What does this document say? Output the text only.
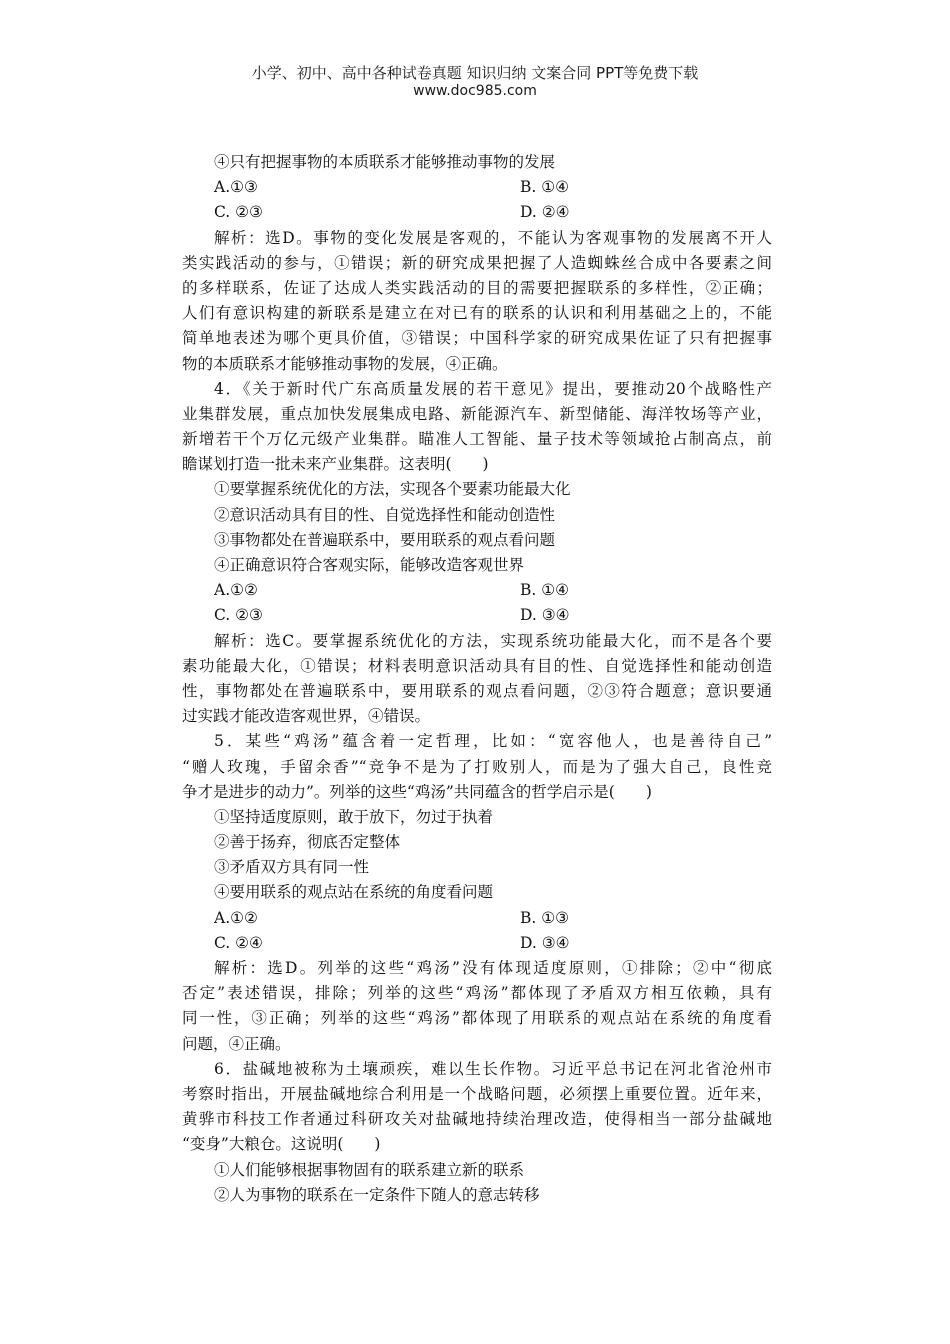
小学、初中、高中各种试卷真题 知识归纳 文案合同 PPT等免费下载
www.doc985.com
④只有把握事物的本质联系才能够推动事物的发展
A.①③	B. ①④
C. ②③	D. ②④
解析：选D。事物的变化发展是客观的，不能认为客观事物的发展离不开人
类实践活动的参与，①错误；新的研究成果把握了人造蜘蛛丝合成中各要素之间
的多样联系，佐证了达成人类实践活动的目的需要把握联系的多样性，②正确；
人们有意识构建的新联系是建立在对已有的联系的认识和利用基础之上的，不能
简单地表述为哪个更具价值，③错误；中国科学家的研究成果佐证了只有把握事
物的本质联系才能够推动事物的发展，④正确。
4．《关于新时代广东高质量发展的若干意见》提出，要推动20个战略性产
业集群发展，重点加快发展集成电路、新能源汽车、新型储能、海洋牧场等产业，
新增若干个万亿元级产业集群。瞄准人工智能、量子技术等领域抢占制高点，前
瞻谋划打造一批未来产业集群。这表明(　　)
①要掌握系统优化的方法，实现各个要素功能最大化
②意识活动具有目的性、自觉选择性和能动创造性
③事物都处在普遍联系中，要用联系的观点看问题
④正确意识符合客观实际，能够改造客观世界
A.①②	B. ①④
C. ②③	D. ③④
解析：选C。要掌握系统优化的方法，实现系统功能最大化，而不是各个要
素功能最大化，①错误；材料表明意识活动具有目的性、自觉选择性和能动创造
性，事物都处在普遍联系中，要用联系的观点看问题，②③符合题意；意识要通
过实践才能改造客观世界，④错误。
5．某些“鸡汤”蕴含着一定哲理，比如：“宽容他人，也是善待自己”
“赠人玫瑰，手留余香”“竞争不是为了打败别人，而是为了强大自己，良性竞
争才是进步的动力”。列举的这些“鸡汤”共同蕴含的哲学启示是(　　)
①坚持适度原则，敢于放下，勿过于执着
②善于扬弃，彻底否定整体
③矛盾双方具有同一性
④要用联系的观点站在系统的角度看问题
A.①②	B. ①③
C. ②④	D. ③④
解析：选D。列举的这些“鸡汤”没有体现适度原则，①排除；②中“彻底
否定”表述错误，排除；列举的这些“鸡汤”都体现了矛盾双方相互依赖，具有
同一性，③正确；列举的这些“鸡汤”都体现了用联系的观点站在系统的角度看
问题，④正确。
6．盐碱地被称为土壤顽疾，难以生长作物。习近平总书记在河北省沧州市
考察时指出，开展盐碱地综合利用是一个战略问题，必须摆上重要位置。近年来，
黄骅市科技工作者通过科研攻关对盐碱地持续治理改造，使得相当一部分盐碱地
“变身”大粮仓。这说明(　　)
①人们能够根据事物固有的联系建立新的联系
②人为事物的联系在一定条件下随人的意志转移
